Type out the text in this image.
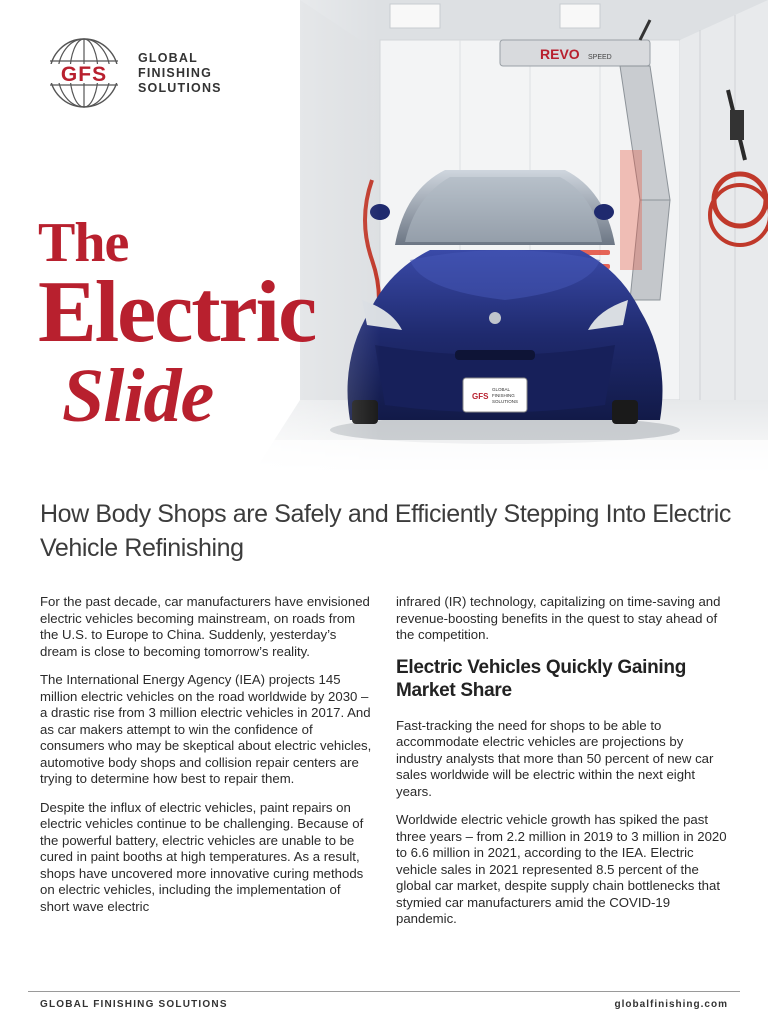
REVO SPEED
GFS
GLOBAL
FINISHING
SOLUTIONS
GFS
GLOBAL
FINISHING
SOLUTIONS
The
Electric
Slide
How Body Shops are Safely and Efficiently Stepping Into Electric Vehicle Refinishing

For the past decade, car manufacturers have envisioned electric vehicles becoming mainstream, on roads from the U.S. to Europe to China. Suddenly, yesterday’s dream is close to becoming tomorrow’s reality.

The International Energy Agency (IEA) projects 145 million electric vehicles on the road worldwide by 2030 – a drastic rise from 3 million electric vehicles in 2017. And as car makers attempt to win the confidence of consumers who may be skeptical about electric vehicles, automotive body shops and collision repair centers are trying to determine how best to repair them.

Despite the influx of electric vehicles, paint repairs on electric vehicles continue to be challenging. Because of the powerful battery, electric vehicles are unable to be cured in paint booths at high temperatures. As a result, shops have uncovered more innovative curing methods on electric vehicles, including the implementation of short wave electric

infrared (IR) technology, capitalizing on time-saving and revenue-boosting benefits in the quest to stay ahead of the competition.

Electric Vehicles Quickly Gaining Market Share

Fast-tracking the need for shops to be able to accommodate electric vehicles are projections by industry analysts that more than 50 percent of new car sales worldwide will be electric within the next eight years.

Worldwide electric vehicle growth has spiked the past three years – from 2.2 million in 2019 to 3 million in 2020 to 6.6 million in 2021, according to the IEA. Electric vehicle sales in 2021 represented 8.5 percent of the global car market, despite supply chain bottlenecks that stymied car manufacturers amid the COVID-19 pandemic.

GLOBAL FINISHING SOLUTIONS	globalfinishing.com
